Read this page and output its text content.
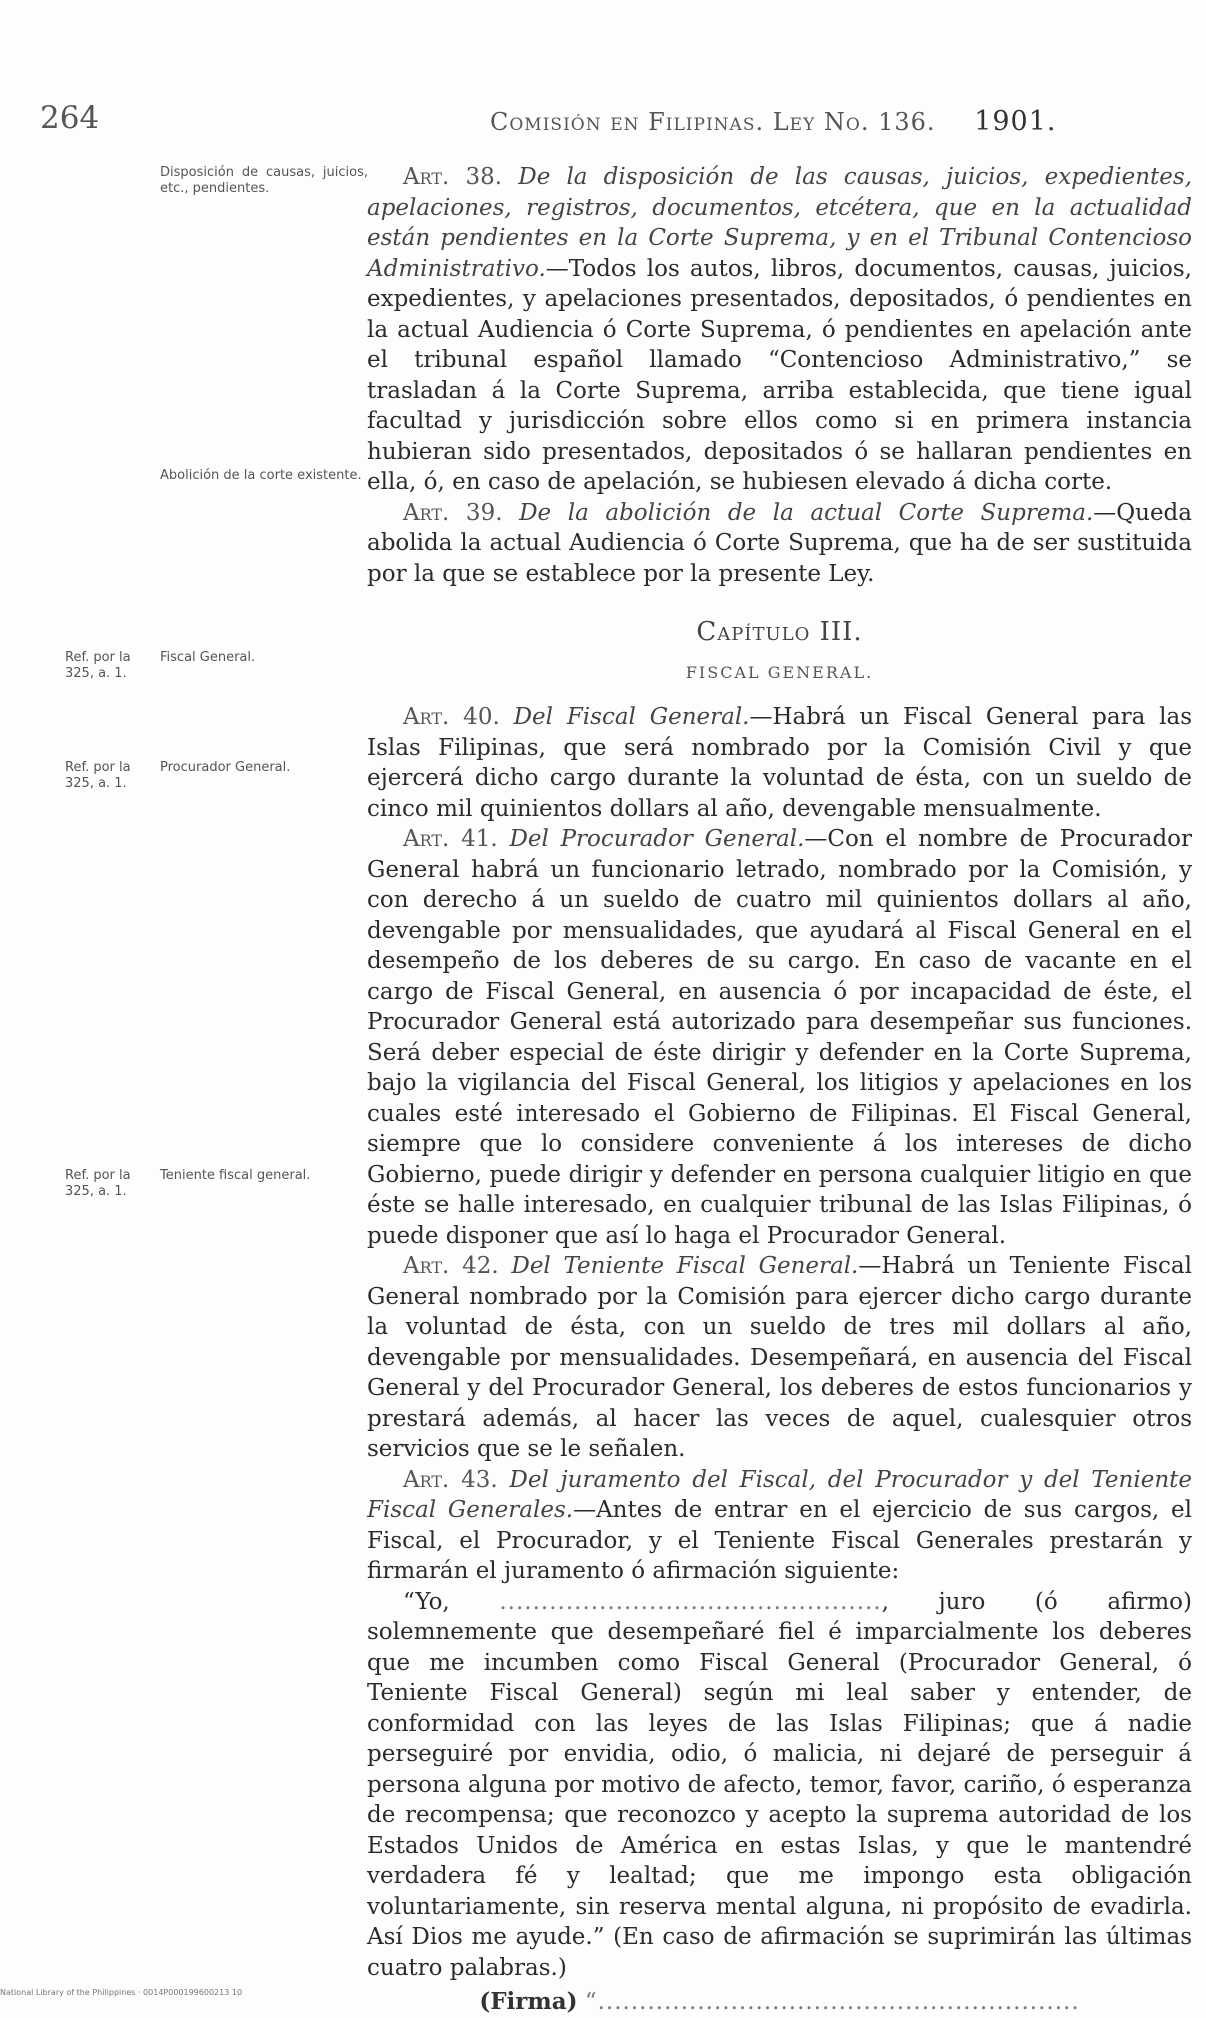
264	Comisión en Filipinas. Ley No. 136. 1901.
Disposición de causas, juicios, etc., pendientes.
Abolición de la corte existente.
Ref. por la 325, a. 1.
Fiscal General.
Ref. por la 325, a. 1.
Procurador General.
Ref. por la 325, a. 1.
Teniente fiscal general.

Art. 38. De la disposición de las causas, juicios, expedientes, apelaciones, registros, documentos, etcétera, que en la actualidad están pendientes en la Corte Suprema, y en el Tribunal Contencioso Administrativo.—Todos los autos, libros, documentos, causas, juicios, expedientes, y apelaciones presentados, depositados, ó pendientes en la actual Audiencia ó Corte Suprema, ó pendientes en apelación ante el tribunal español llamado “Contencioso Administrativo,” se trasladan á la Corte Suprema, arriba establecida, que tiene igual facultad y jurisdicción sobre ellos como si en primera instancia hubieran sido presentados, depositados ó se hallaran pendientes en ella, ó, en caso de apelación, se hubiesen elevado á dicha corte.

Art. 39. De la abolición de la actual Corte Suprema.—Queda abolida la actual Audiencia ó Corte Suprema, que ha de ser sustituida por la que se establece por la presente Ley.

Capítulo III.
FISCAL GENERAL.

Art. 40. Del Fiscal General.—Habrá un Fiscal General para las Islas Filipinas, que será nombrado por la Comisión Civil y que ejercerá dicho cargo durante la voluntad de ésta, con un sueldo de cinco mil quinientos dollars al año, devengable mensualmente.

Art. 41. Del Procurador General.—Con el nombre de Procurador General habrá un funcionario letrado, nombrado por la Comisión, y con derecho á un sueldo de cuatro mil quinientos dollars al año, devengable por mensualidades, que ayudará al Fiscal General en el desempeño de los deberes de su cargo. En caso de vacante en el cargo de Fiscal General, en ausencia ó por incapacidad de éste, el Procurador General está autorizado para desempeñar sus funciones. Será deber especial de éste dirigir y defender en la Corte Suprema, bajo la vigilancia del Fiscal General, los litigios y apelaciones en los cuales esté interesado el Gobierno de Filipinas. El Fiscal General, siempre que lo considere conveniente á los intereses de dicho Gobierno, puede dirigir y defender en persona cualquier litigio en que éste se halle interesado, en cualquier tribunal de las Islas Filipinas, ó puede disponer que así lo haga el Procurador General.

Art. 42. Del Teniente Fiscal General.—Habrá un Teniente Fiscal General nombrado por la Comisión para ejercer dicho cargo durante la voluntad de ésta, con un sueldo de tres mil dollars al año, devengable por mensualidades. Desempeñará, en ausencia del Fiscal General y del Procurador General, los deberes de estos funcionarios y prestará además, al hacer las veces de aquel, cualesquier otros servicios que se le señalen.

Art. 43. Del juramento del Fiscal, del Procurador y del Teniente Fiscal Generales.—Antes de entrar en el ejercicio de sus cargos, el Fiscal, el Procurador, y el Teniente Fiscal Generales prestarán y firmarán el juramento ó afirmación siguiente:

“Yo, .............................................., juro (ó afirmo) solemnemente que desempeñaré fiel é imparcialmente los deberes que me incumben como Fiscal General (Procurador General, ó Teniente Fiscal General) según mi leal saber y entender, de conformidad con las leyes de las Islas Filipinas; que á nadie perseguiré por envidia, odio, ó malicia, ni dejaré de perseguir á persona alguna por motivo de afecto, temor, favor, cariño, ó esperanza de recompensa; que reconozco y acepto la suprema autoridad de los Estados Unidos de América en estas Islas, y que le mantendré verdadera fé y lealtad; que me impongo esta obligación voluntariamente, sin reserva mental alguna, ni propósito de evadirla. Así Dios me ayude.” (En caso de afirmación se suprimirán las últimas cuatro palabras.)

(Firma) “..........................................................
National Library of the Philippines · 0014P000199600213 10
